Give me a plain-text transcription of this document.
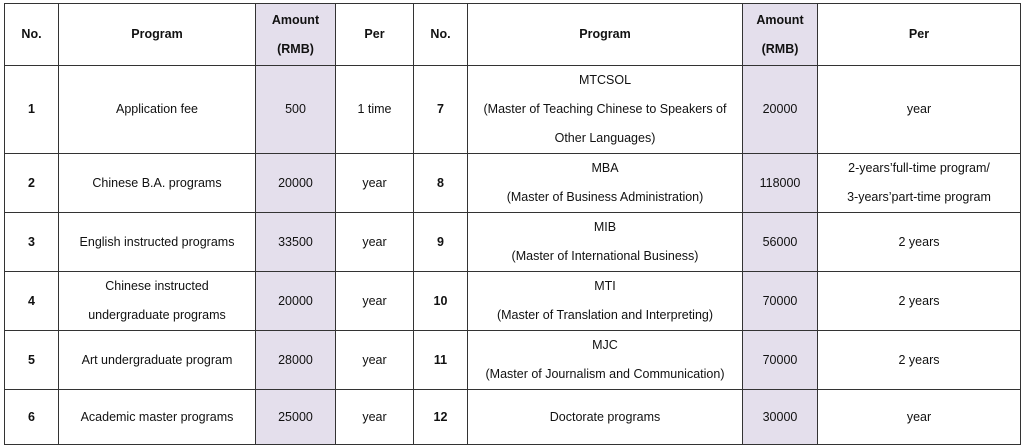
No.	Program	Amount
(RMB)	Per	No.	Program	Amount
(RMB)	Per
1	Application fee	500	1 time	7	MTCSOL
(Master of Teaching Chinese to Speakers of
Other Languages)	20000	year
2	Chinese B.A. programs	20000	year	8	MBA
(Master of Business Administration)	118000	2-years’full-time program/
3-years’part-time program
3	English instructed programs	33500	year	9	MIB
(Master of International Business)	56000	2 years
4	Chinese instructed
undergraduate programs	20000	year	10	MTI
(Master of Translation and Interpreting)	70000	2 years
5	Art undergraduate program	28000	year	11	MJC
(Master of Journalism and Communication)	70000	2 years
6	Academic master programs	25000	year	12	Doctorate programs	30000	year
